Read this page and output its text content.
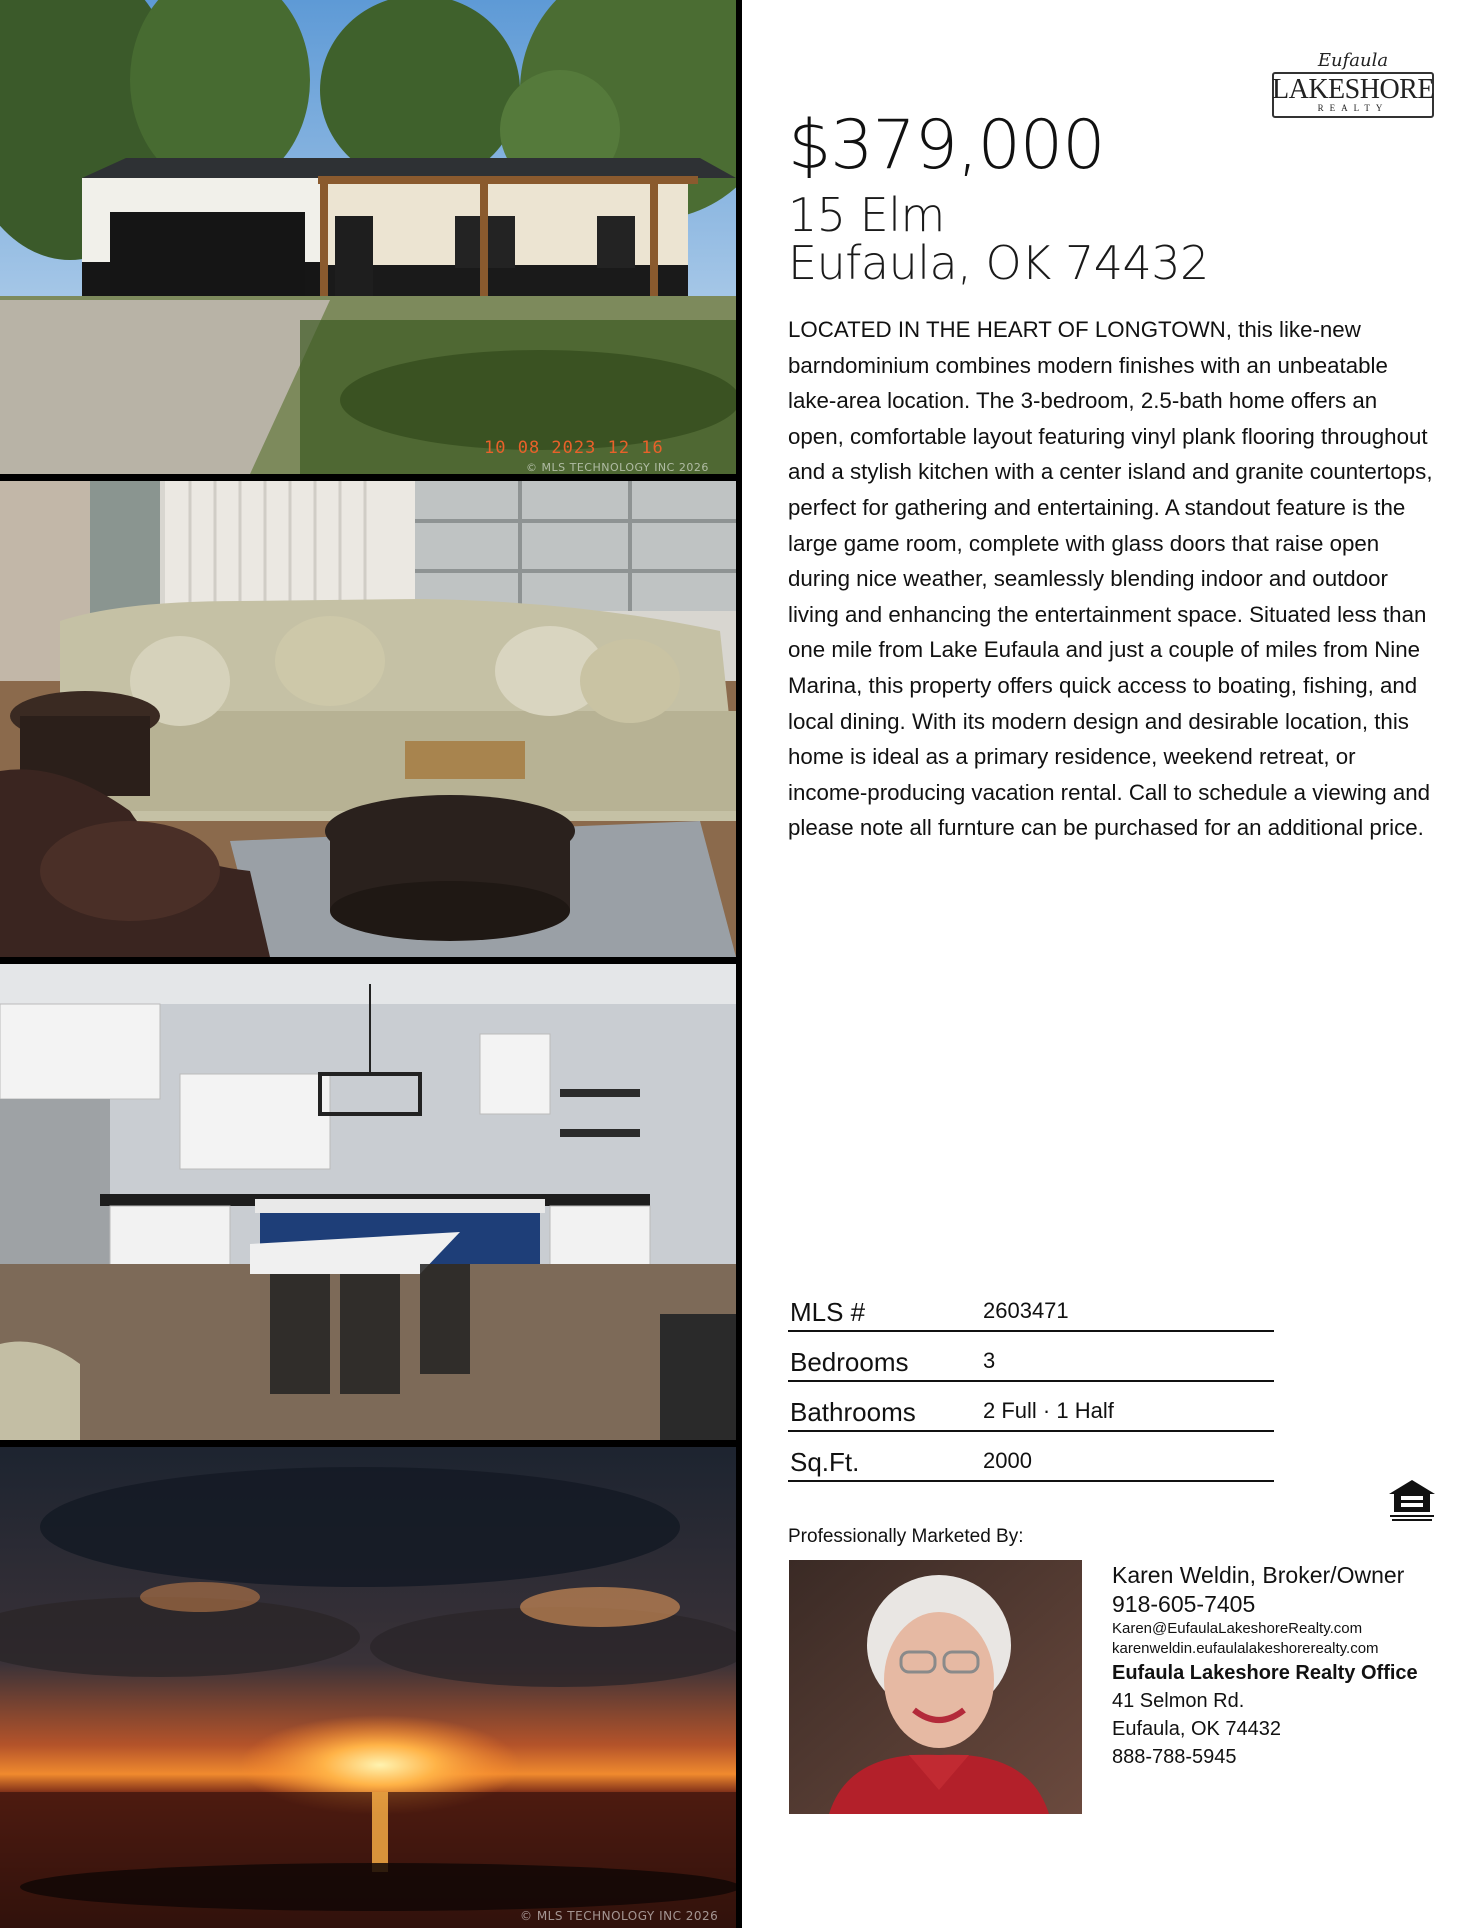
10 08 2023 12 16
© MLS TECHNOLOGY INC 2026
© MLS TECHNOLOGY INC 2026
Eufaula
LAKESHORE
REALTY
$379,000
15 Elm
Eufaula, OK 74432
LOCATED IN THE HEART OF LONGTOWN, this like-new barndominium combines modern finishes with an unbeatable lake-area location. The 3-bedroom, 2.5-bath home offers an open, comfortable layout featuring vinyl plank flooring throughout and a stylish kitchen with a center island and granite countertops, perfect for gathering and entertaining. A standout feature is the large game room, complete with glass doors that raise open during nice weather, seamlessly blending indoor and outdoor living and enhancing the entertainment space. Situated less than one mile from Lake Eufaula and just a couple of miles from Nine Marina, this property offers quick access to boating, fishing, and local dining. With its modern design and desirable location, this home is ideal as a primary residence, weekend retreat, or income-producing vacation rental. Call to schedule a viewing and please note all furnture can be purchased for an additional price.
MLS #	2603471
Bedrooms	3
Bathrooms	2 Full · 1 Half
Sq.Ft.	2000
Professionally Marketed By:
Karen Weldin, Broker/Owner
918-605-7405
Karen@EufaulaLakeshoreRealty.com
karenweldin.eufaulalakeshorerealty.com
Eufaula Lakeshore Realty Office
41 Selmon Rd.
Eufaula, OK 74432
888-788-5945
